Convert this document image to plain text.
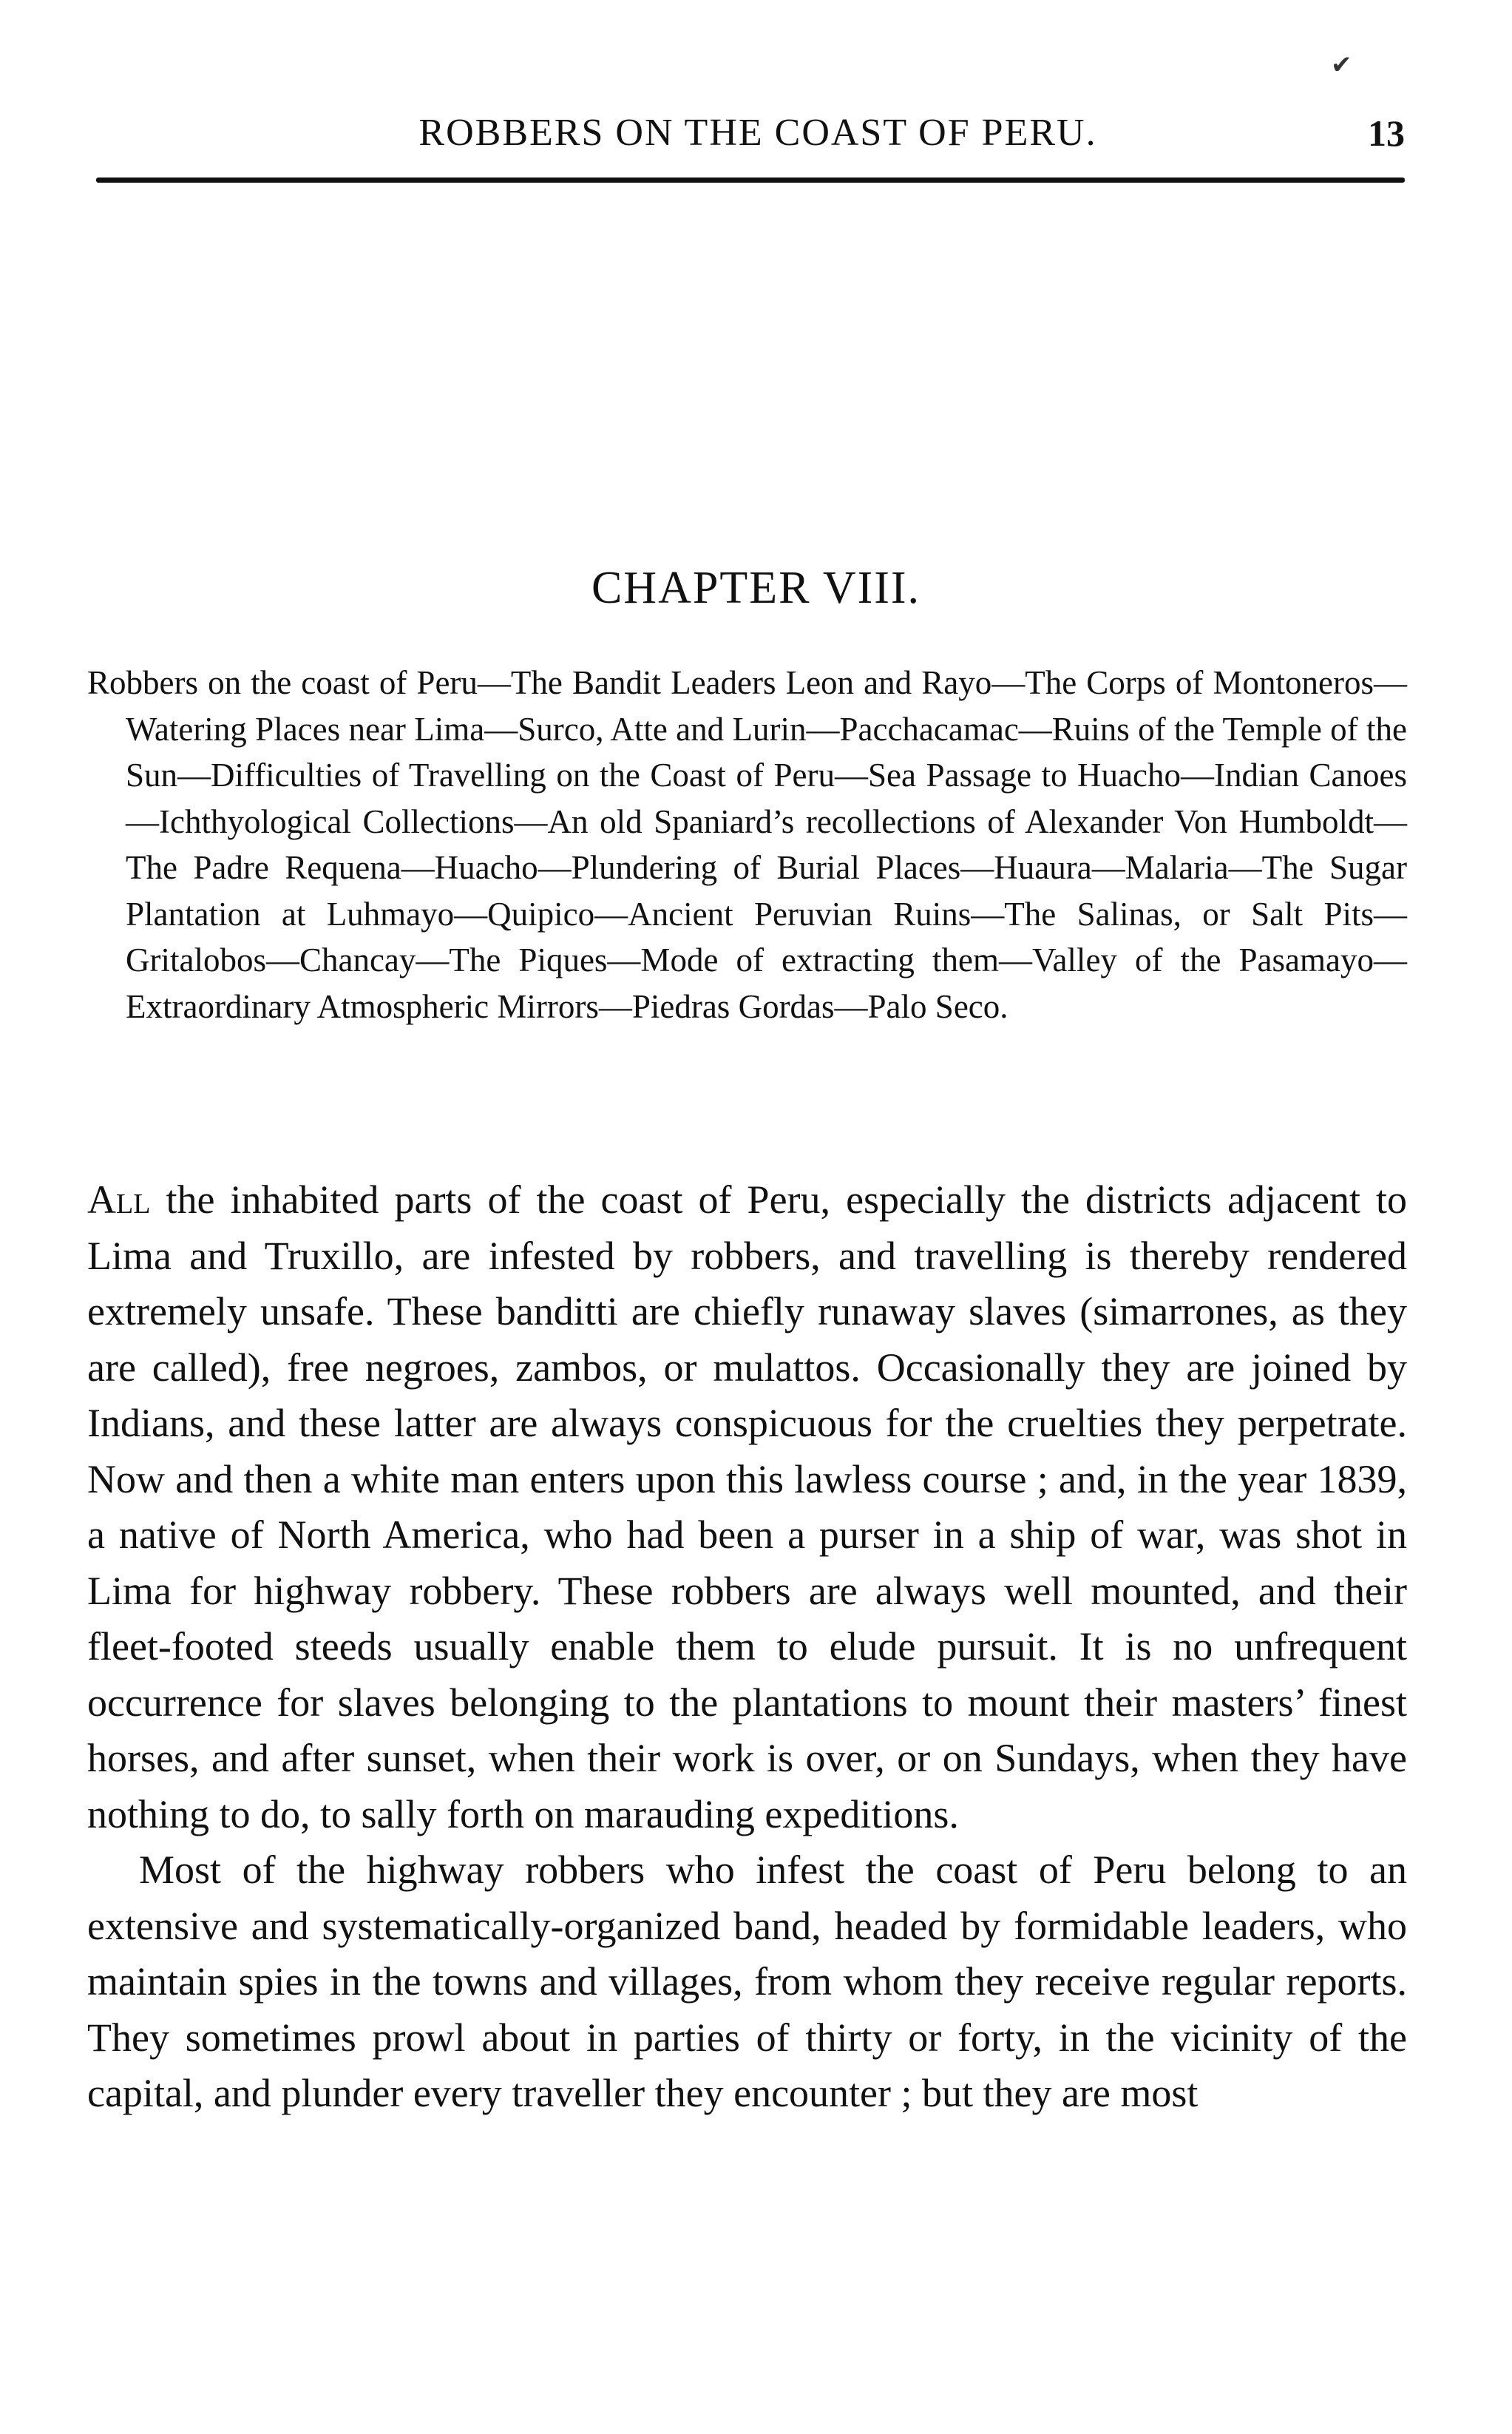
✔
ROBBERS ON THE COAST OF PERU.	13
CHAPTER VIII.
Robbers on the coast of Peru—The Bandit Leaders Leon and Rayo—The Corps of Montoneros—Watering Places near Lima—Surco, Atte and Lurin—Pacchacamac—Ruins of the Temple of the Sun—Difficulties of Travelling on the Coast of Peru—Sea Passage to Huacho—Indian Canoes—Ichthyological Collections—An old Spaniard’s recollections of Alexander Von Humboldt—The Padre Requena—Huacho—Plundering of Burial Places—Huaura—Malaria—The Sugar Plantation at Luhmayo—Quipico—Ancient Peruvian Ruins—The Salinas, or Salt Pits—Gritalobos—Chancay—The Piques—Mode of extracting them—Valley of the Pasamayo—Extraordinary Atmospheric Mirrors—Piedras Gordas—Palo Seco.

All the inhabited parts of the coast of Peru, especially the districts adjacent to Lima and Truxillo, are infested by robbers, and travelling is thereby rendered extremely unsafe. These banditti are chiefly runaway slaves (simarrones, as they are called), free negroes, zambos, or mulattos. Occasionally they are joined by Indians, and these latter are always conspicuous for the cruelties they perpetrate. Now and then a white man enters upon this lawless course ; and, in the year 1839, a native of North America, who had been a purser in a ship of war, was shot in Lima for highway robbery. These robbers are always well mounted, and their fleet-footed steeds usually enable them to elude pursuit. It is no unfrequent occurrence for slaves belonging to the plantations to mount their masters’ finest horses, and after sunset, when their work is over, or on Sundays, when they have nothing to do, to sally forth on marauding expeditions.

Most of the highway robbers who infest the coast of Peru belong to an extensive and systematically-organized band, headed by formidable leaders, who maintain spies in the towns and villages, from whom they receive regular reports. They sometimes prowl about in parties of thirty or forty, in the vicinity of the capital, and plunder every traveller they encounter ; but they are most
